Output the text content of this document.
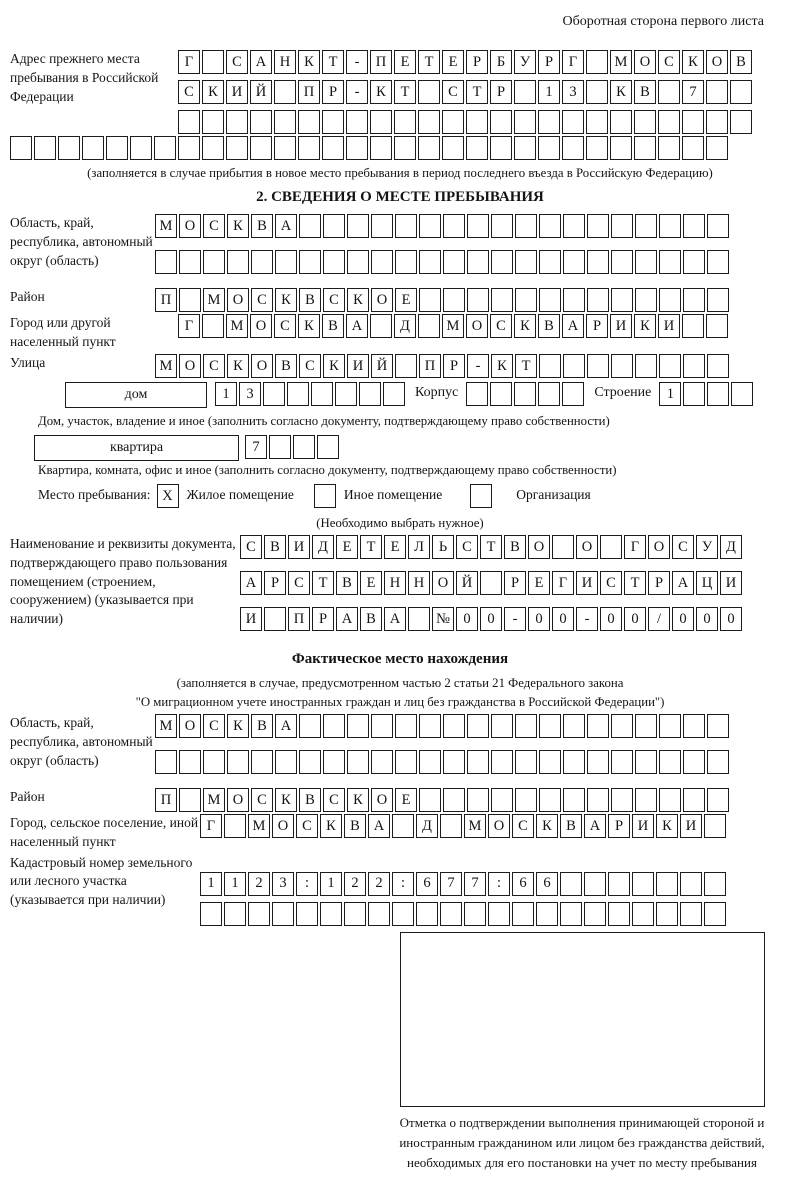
Оборотная сторона первого листа
Адрес прежнего места пребывания в Российской Федерации
Г	С А Н К	Т	-	П Е	Т	Е	Р	Б	У	Р	Г	М О С К О В
С К И Й	П	Р	-	К	Т	С	Т	Р	1	3	К В	7
(заполняется в случае прибытия в новое место пребывания в период последнего въезда в Российскую Федерацию)
2. СВЕДЕНИЯ О МЕСТЕ ПРЕБЫВАНИЯ
Область, край, республика, автономный округ (область)
М О С К В А
Район	П	М О С К В С К О Е
Город или другой населенный пункт
Г	М О С К В А	Д	М О С К В А	Р	И К И
Улица	М О С К О В С К И Й	П	Р	-	К	Т
дом	1	3	Корпус	Строение	1
Дом, участок, владение и иное (заполнить согласно документу, подтверждающему право собственности)
квартира	7
Квартира, комната, офис и иное (заполнить согласно документу, подтверждающему право собственности)
Место пребывания: X	Жилое помещение	Иное помещение	Организация
(Необходимо выбрать нужное)
Наименование и реквизиты документа, подтверждающего право пользования помещением (строением, сооружением) (указывается при наличии)
С В И Д	Е	Т	Е	Л	Ь	С	Т	В О	О	Г	О С У Д
А	Р	С	Т	В	Е Н Н О Й	Р	Е	Г	И С	Т	Р	А Ц И
И	П	Р	А В А	№ 0	0	-	0	0	-	0	0	/	0	0	0
Фактическое место нахождения
(заполняется в случае, предусмотренном частью 2 статьи 21 Федерального закона
"О миграционном учете иностранных граждан и лиц без гражданства в Российской Федерации")
Область, край, республика, автономный округ (область)
М О С К В А
Район	П	М О С К В С К О Е
Город, сельское поселение, иной населенный пункт
Г	М О С К В А	Д	М О С К В А	Р	И К И
Кадастровый номер земельного или лесного участка (указывается при наличии)
1	1	2	3	:	1	2	2	:	6	7	7	:	6	6
Отметка о подтверждении выполнения принимающей стороной и иностранным гражданином или лицом без гражданства действий, необходимых для его постановки на учет по месту пребывания
